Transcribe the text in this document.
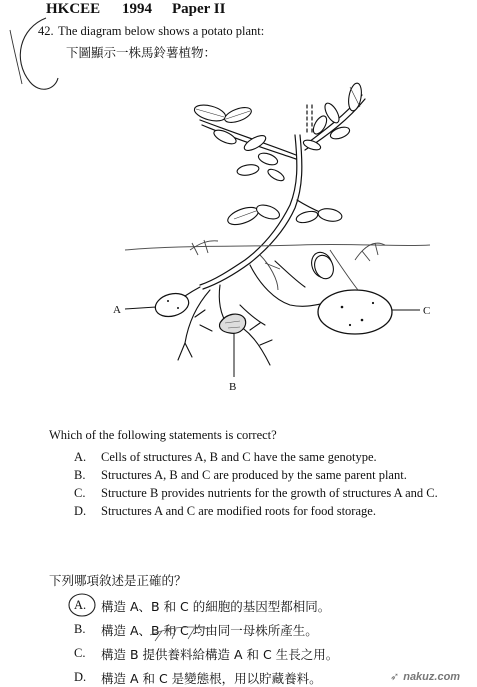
HKCEE 1994 Paper II
42. The diagram below shows a potato plant:
下圖顯示一株馬鈴薯植物：
A
B
C
Which of the following statements is correct?
A. Cells of structures A, B and C have the same genotype.
B. Structures A, B and C are produced by the same parent plant.
C. Structure B provides nutrients for the growth of structures A and C.
D. Structures A and C are modified roots for food storage.
下列哪項敘述是正確的？
A. 構造 A、B 和 C 的細胞的基因型都相同。
B. 構造 A、B 和 C 均由同一母株所產生。
C. 構造 B 提供養料給構造 A 和 C 生長之用。
D. 構造 A 和 C 是變態根，用以貯藏養料。	➶ nakuz.com
